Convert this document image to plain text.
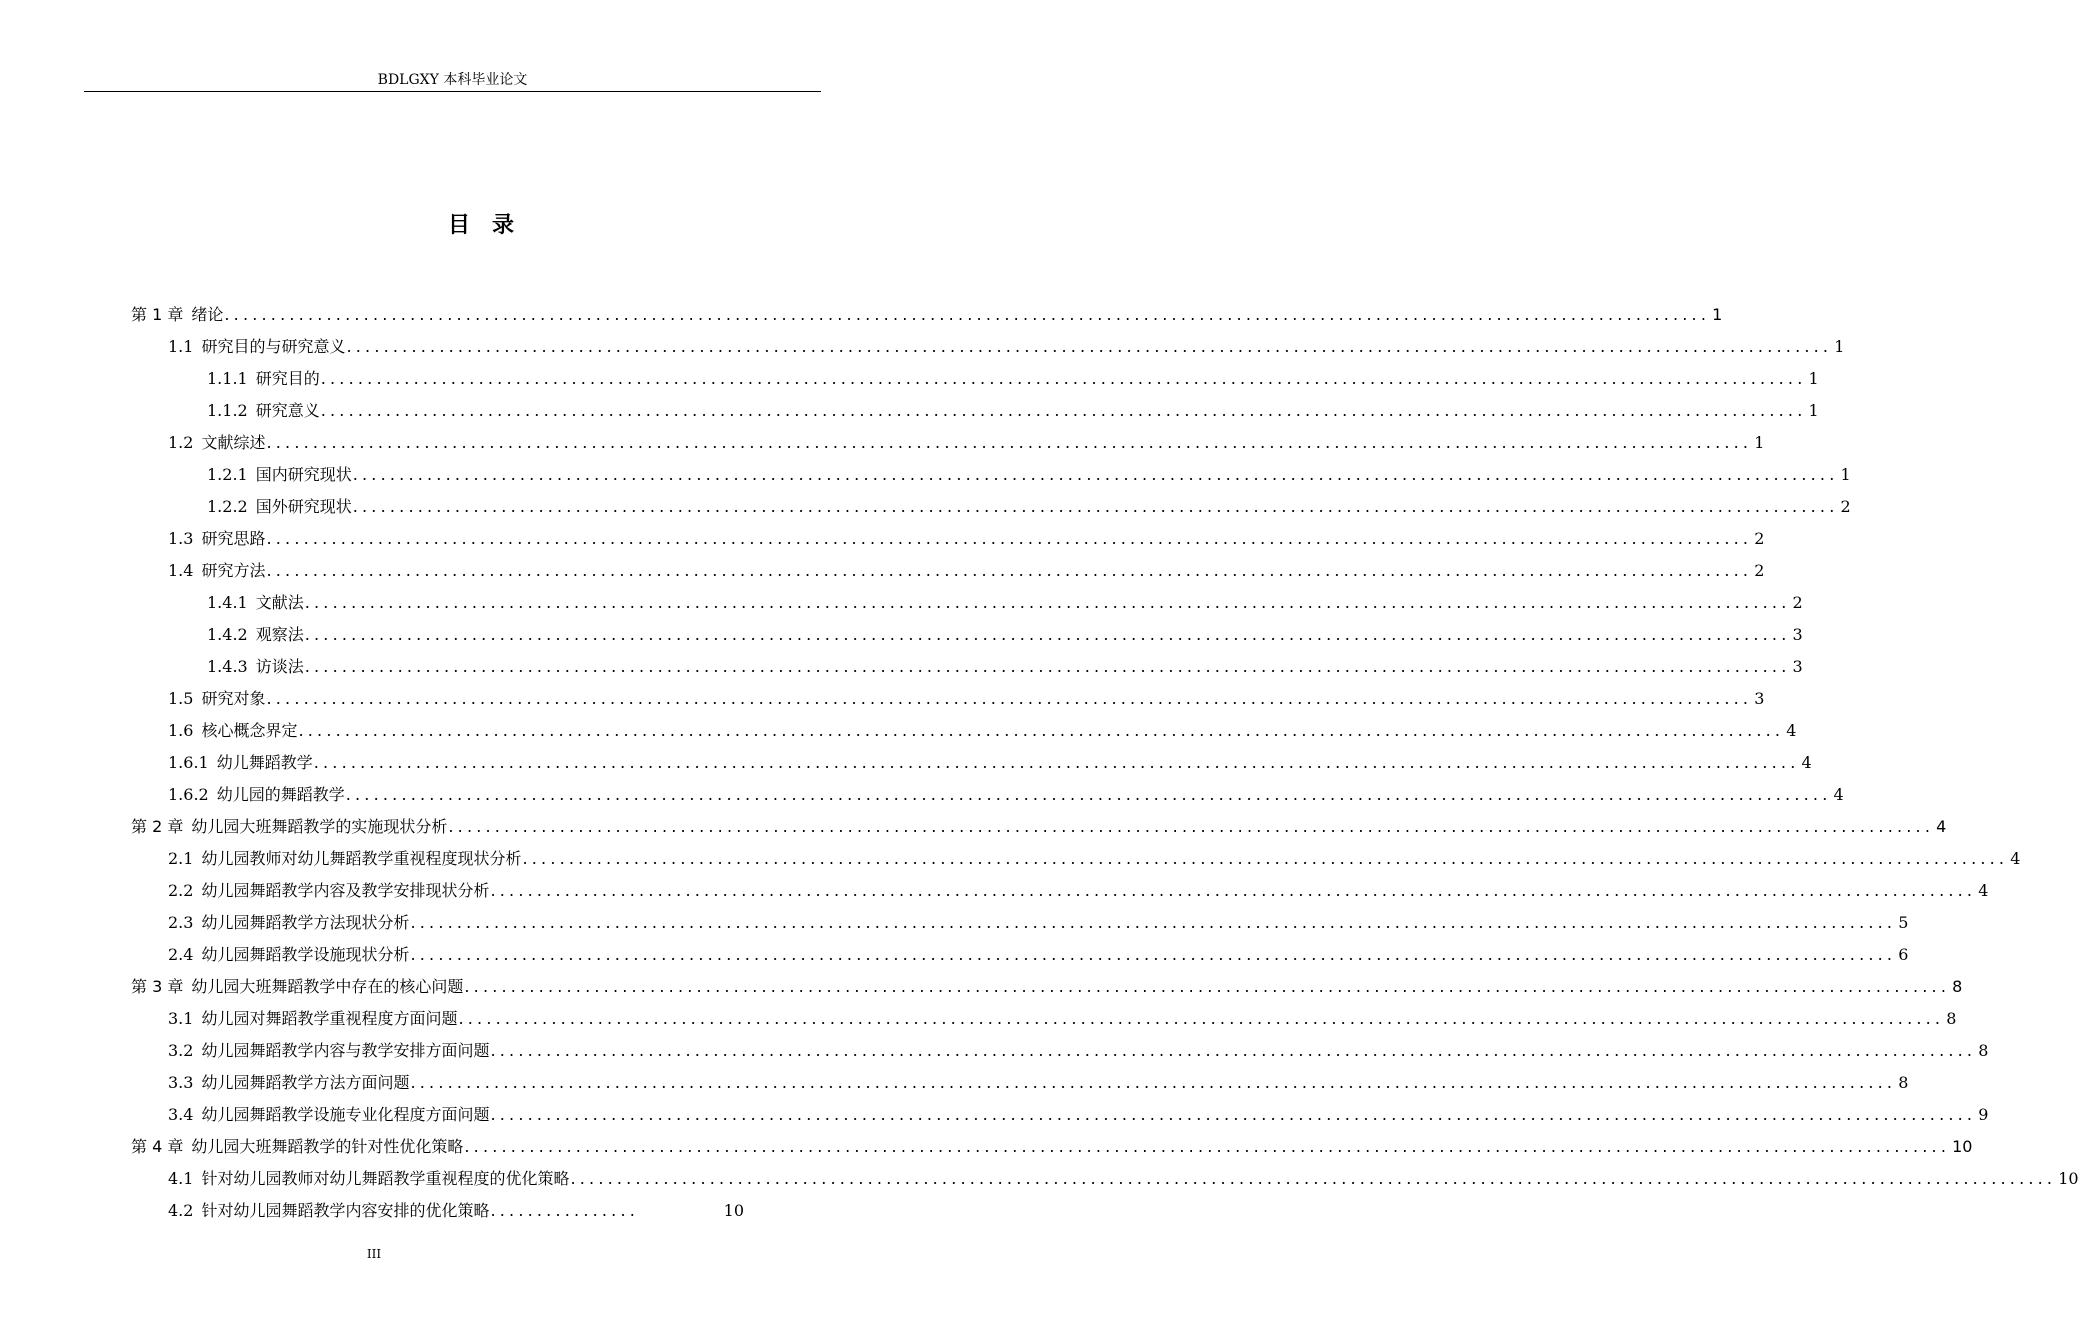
BDLGXY 本科毕业论文
目录
第 1 章 绪论 ................................................................................................................................................................ 1
1.1 研究目的与研究意义 ................................................................................................................................................................ 1
1.1.1 研究目的 ................................................................................................................................................................ 1
1.1.2 研究意义 ................................................................................................................................................................ 1
1.2 文献综述 ................................................................................................................................................................ 1
1.2.1 国内研究现状 ................................................................................................................................................................ 1
1.2.2 国外研究现状 ................................................................................................................................................................ 2
1.3 研究思路 ................................................................................................................................................................ 2
1.4 研究方法 ................................................................................................................................................................ 2
1.4.1 文献法 ................................................................................................................................................................ 2
1.4.2 观察法 ................................................................................................................................................................ 3
1.4.3 访谈法 ................................................................................................................................................................ 3
1.5 研究对象 ................................................................................................................................................................ 3
1.6 核心概念界定 ................................................................................................................................................................ 4
1.6.1 幼儿舞蹈教学 ................................................................................................................................................................ 4
1.6.2 幼儿园的舞蹈教学 ................................................................................................................................................................ 4
第 2 章 幼儿园大班舞蹈教学的实施现状分析 ................................................................................................................................................................ 4
2.1 幼儿园教师对幼儿舞蹈教学重视程度现状分析 ................................................................................................................................................................ 4
2.2 幼儿园舞蹈教学内容及教学安排现状分析 ................................................................................................................................................................ 4
2.3 幼儿园舞蹈教学方法现状分析 ................................................................................................................................................................ 5
2.4 幼儿园舞蹈教学设施现状分析 ................................................................................................................................................................ 6
第 3 章 幼儿园大班舞蹈教学中存在的核心问题 ................................................................................................................................................................ 8
3.1 幼儿园对舞蹈教学重视程度方面问题 ................................................................................................................................................................ 8
3.2 幼儿园舞蹈教学内容与教学安排方面问题 ................................................................................................................................................................ 8
3.3 幼儿园舞蹈教学方法方面问题 ................................................................................................................................................................ 8
3.4 幼儿园舞蹈教学设施专业化程度方面问题 ................................................................................................................................................................ 9
第 4 章 幼儿园大班舞蹈教学的针对性优化策略 ................................................................................................................................................................ 10
4.1 针对幼儿园教师对幼儿舞蹈教学重视程度的优化策略 ................................................................................................................................................................ 10
4.2 针对幼儿园舞蹈教学内容安排的优化策略 ................	10
III
